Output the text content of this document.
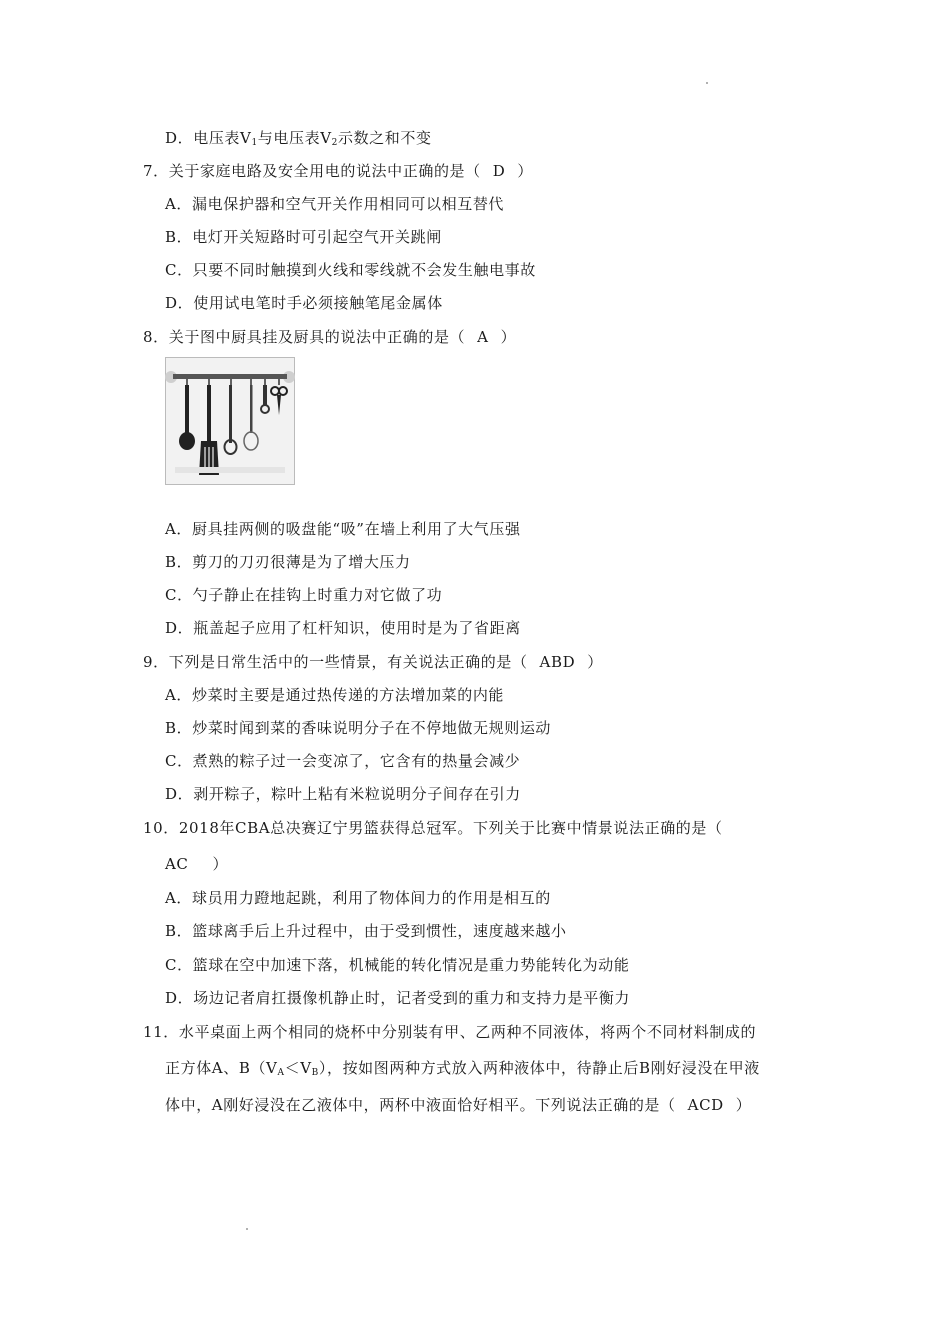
D．电压表$V_1$与电压表$V_2$示数之和不变
7．关于家庭电路及安全用电的说法中正确的是（ D ）
A．漏电保护器和空气开关作用相同可以相互替代
B．电灯开关短路时可引起空气开关跳闸
C．只要不同时触摸到火线和零线就不会发生触电事故
D．使用试电笔时手必须接触笔尾金属体
8．关于图中厨具挂及厨具的说法中正确的是（ A ）
A．厨具挂两侧的吸盘能“吸”在墙上利用了大气压强
B．剪刀的刀刃很薄是为了增大压力
C．勺子静止在挂钩上时重力对它做了功
D．瓶盖起子应用了杠杆知识，使用时是为了省距离
9．下列是日常生活中的一些情景，有关说法正确的是（ ABD ）
A．炒菜时主要是通过热传递的方法增加菜的内能
B．炒菜时闻到菜的香味说明分子在不停地做无规则运动
C．煮熟的粽子过一会变凉了，它含有的热量会减少
D．剥开粽子，粽叶上粘有米粒说明分子间存在引力
10．2018年CBA总决赛辽宁男篮获得总冠军。下列关于比赛中情景说法正确的是（
AC ）
A．球员用力蹬地起跳，利用了物体间力的作用是相互的
B．篮球离手后上升过程中，由于受到惯性，速度越来越小
C．篮球在空中加速下落，机械能的转化情况是重力势能转化为动能
D．场边记者肩扛摄像机静止时，记者受到的重力和支持力是平衡力
11．水平桌面上两个相同的烧杯中分别装有甲、乙两种不同液体，将两个不同材料制成的
正方体A、$B(V_A<V_B)$，按如图两种方式放入两种液体中，待静止后B刚好浸没在甲液
体中，A刚好浸没在乙液体中，两杯中液面恰好相平。下列说法正确的是（ ACD ）
